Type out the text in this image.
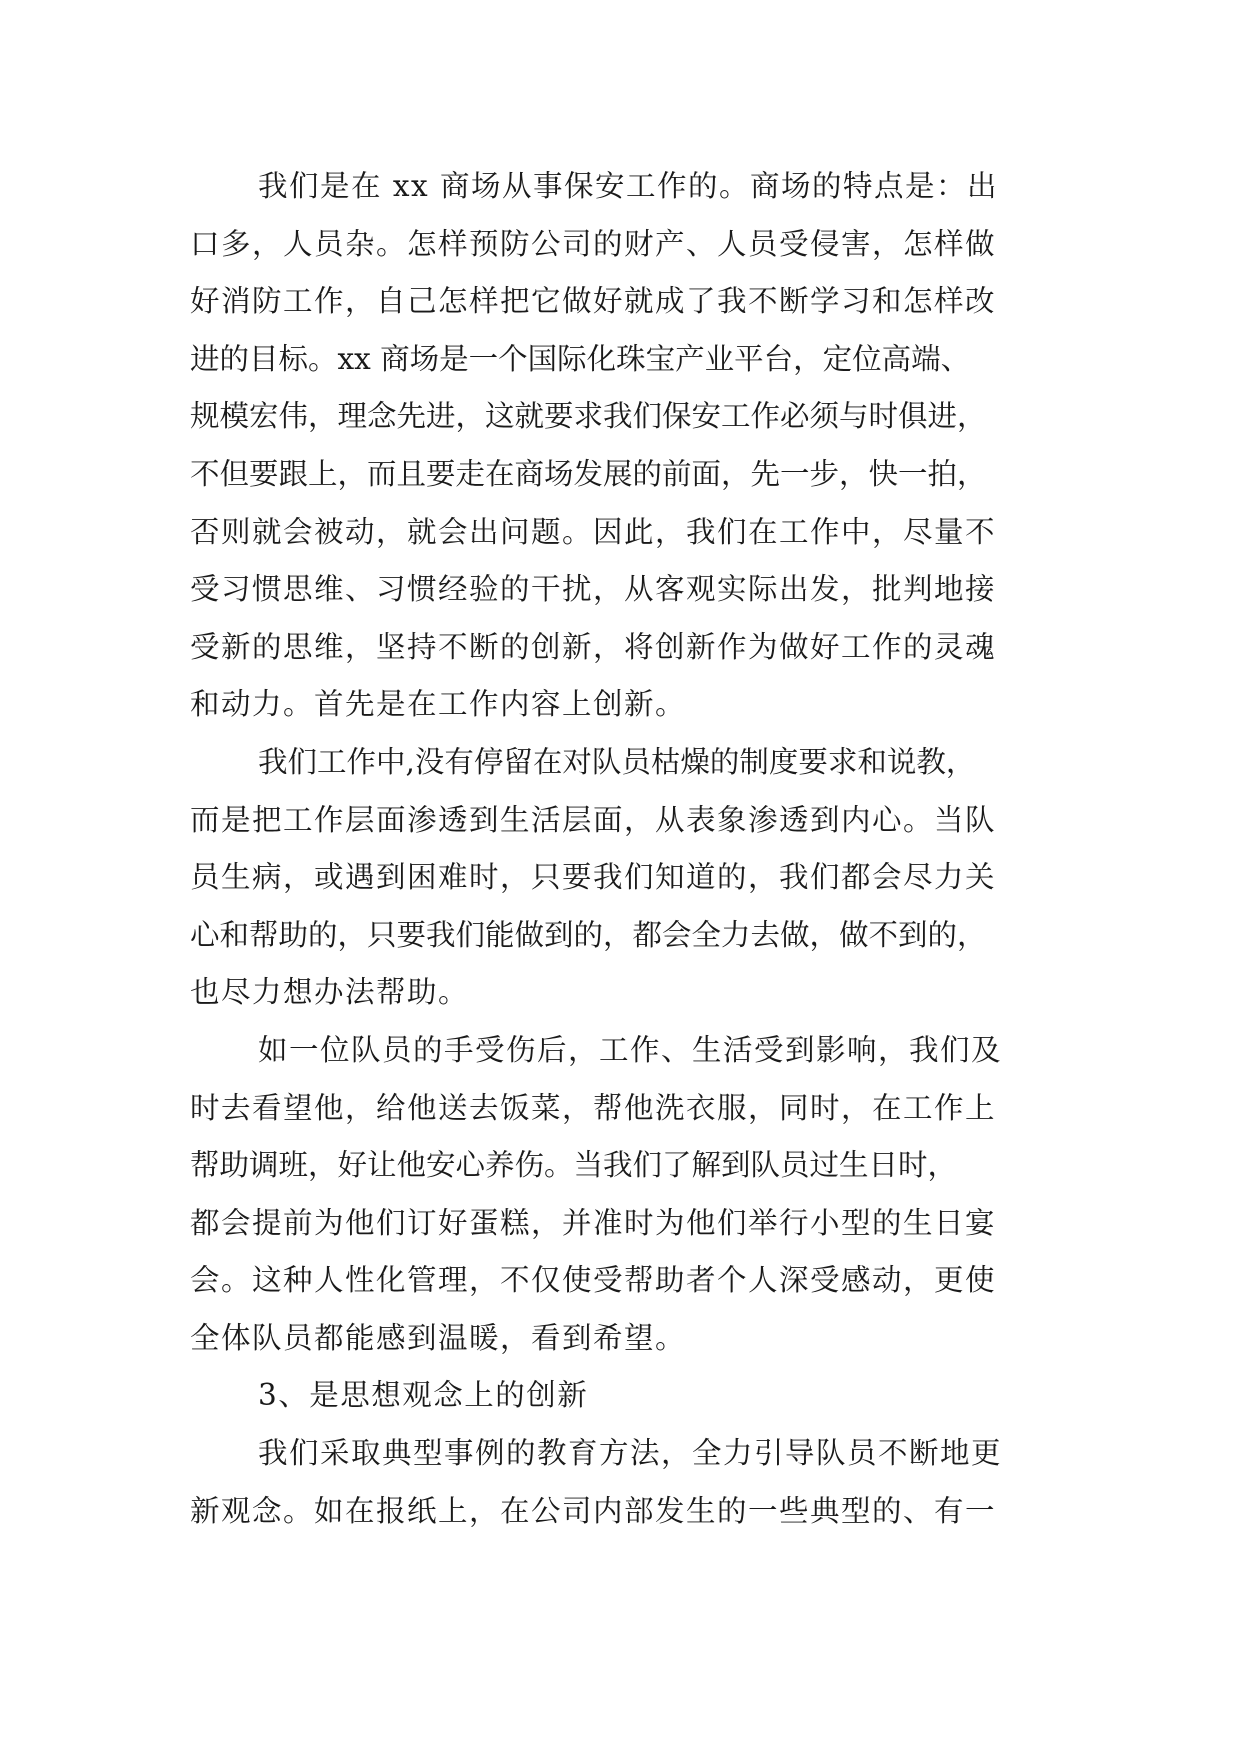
我们是在 xx 商场从事保安工作的。商场的特点是：出
口多，人员杂。怎样预防公司的财产、人员受侵害，怎样做
好消防工作，自己怎样把它做好就成了我不断学习和怎样改
进的目标。xx 商场是一个国际化珠宝产业平台，定位高端、
规模宏伟，理念先进，这就要求我们保安工作必须与时俱进，
不但要跟上，而且要走在商场发展的前面，先一步，快一拍，
否则就会被动，就会出问题。因此，我们在工作中，尽量不
受习惯思维、习惯经验的干扰，从客观实际出发，批判地接
受新的思维，坚持不断的创新，将创新作为做好工作的灵魂
和动力。首先是在工作内容上创新。
我们工作中,没有停留在对队员枯燥的制度要求和说教，
而是把工作层面渗透到生活层面，从表象渗透到内心。当队
员生病，或遇到困难时，只要我们知道的，我们都会尽力关
心和帮助的，只要我们能做到的，都会全力去做，做不到的，
也尽力想办法帮助。
如一位队员的手受伤后，工作、生活受到影响，我们及
时去看望他，给他送去饭菜，帮他洗衣服，同时，在工作上
帮助调班，好让他安心养伤。当我们了解到队员过生日时，
都会提前为他们订好蛋糕，并准时为他们举行小型的生日宴
会。这种人性化管理，不仅使受帮助者个人深受感动，更使
全体队员都能感到温暖，看到希望。
3、是思想观念上的创新
我们采取典型事例的教育方法，全力引导队员不断地更
新观念。如在报纸上，在公司内部发生的一些典型的、有一
